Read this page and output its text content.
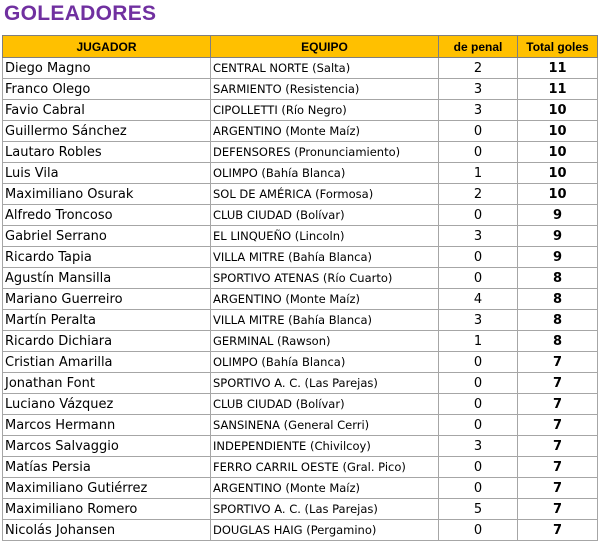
GOLEADORES
JUGADOR	EQUIPO	de penal	Total goles
Diego Magno	CENTRAL NORTE (Salta)	2	11
Franco Olego	SARMIENTO (Resistencia)	3	11
Favio Cabral	CIPOLLETTI (Río Negro)	3	10
Guillermo Sánchez	ARGENTINO (Monte Maíz)	0	10
Lautaro Robles	DEFENSORES (Pronunciamiento)	0	10
Luis Vila	OLIMPO (Bahía Blanca)	1	10
Maximiliano Osurak	SOL DE AMÉRICA (Formosa)	2	10
Alfredo Troncoso	CLUB CIUDAD (Bolívar)	0	9
Gabriel Serrano	EL LINQUEÑO (Lincoln)	3	9
Ricardo Tapia	VILLA MITRE (Bahía Blanca)	0	9
Agustín Mansilla	SPORTIVO ATENAS (Río Cuarto)	0	8
Mariano Guerreiro	ARGENTINO (Monte Maíz)	4	8
Martín Peralta	VILLA MITRE (Bahía Blanca)	3	8
Ricardo Dichiara	GERMINAL (Rawson)	1	8
Cristian Amarilla	OLIMPO (Bahía Blanca)	0	7
Jonathan Font	SPORTIVO A. C. (Las Parejas)	0	7
Luciano Vázquez	CLUB CIUDAD (Bolívar)	0	7
Marcos Hermann	SANSINENA (General Cerri)	0	7
Marcos Salvaggio	INDEPENDIENTE (Chivilcoy)	3	7
Matías Persia	FERRO CARRIL OESTE (Gral. Pico)	0	7
Maximiliano Gutiérrez	ARGENTINO (Monte Maíz)	0	7
Maximiliano Romero	SPORTIVO A. C. (Las Parejas)	5	7
Nicolás Johansen	DOUGLAS HAIG (Pergamino)	0	7
